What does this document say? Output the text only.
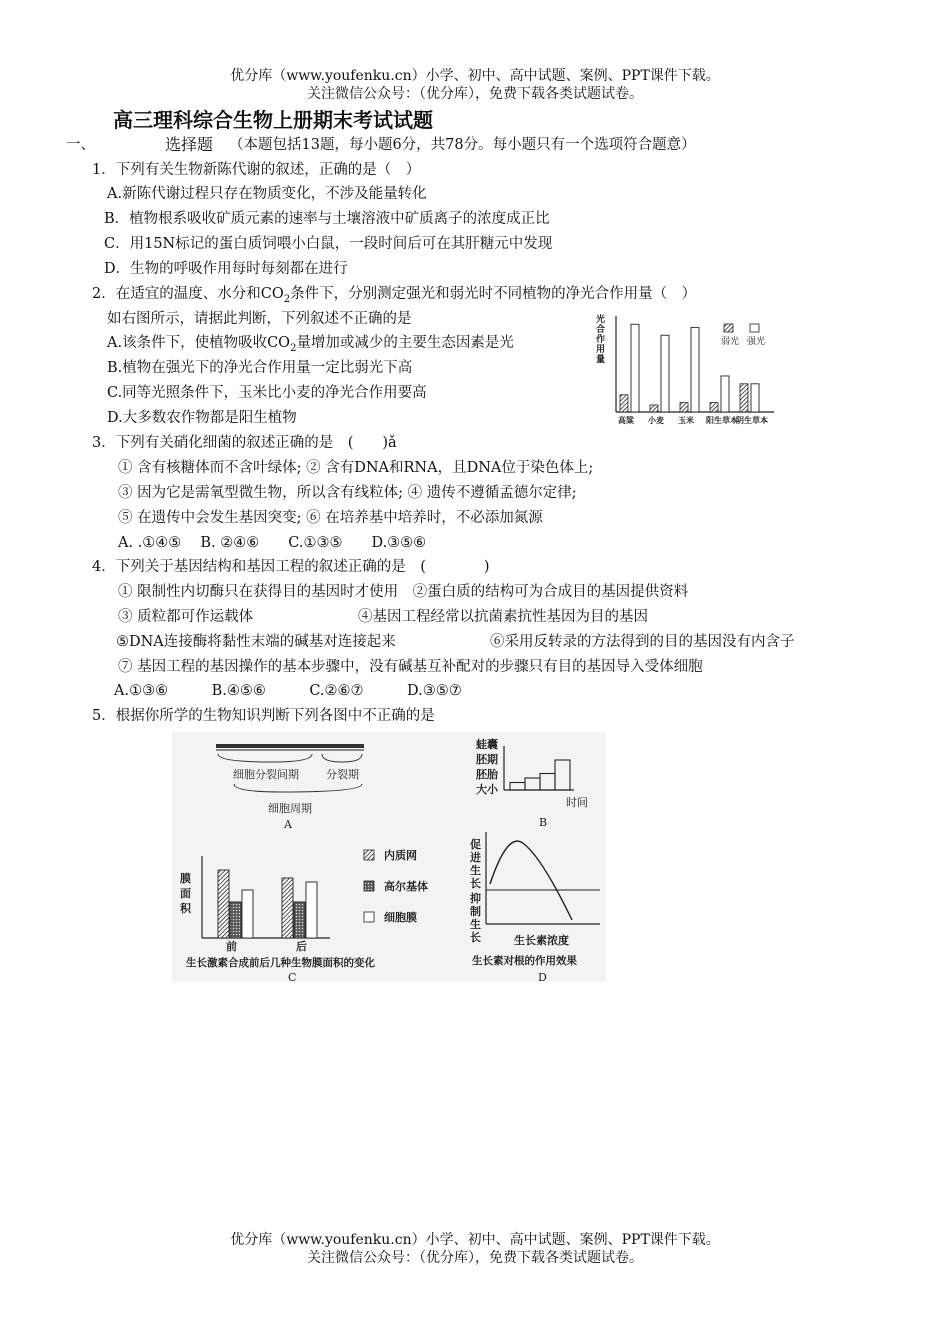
优分库（www.youfenku.cn）小学、初中、高中试题、案例、PPT课件下载。
关注微信公众号：（优分库），免费下载各类试题试卷。
高三理科综合生物上册期末考试试题
一、	选择题 （本题包括13题，每小题6分，共78分。每小题只有一个选项符合题意）
1．下列有关生物新陈代谢的叙述，正确的是（　）
A.新陈代谢过程只存在物质变化，不涉及能量转化
B．植物根系吸收矿质元素的速率与土壤溶液中矿质离子的浓度成正比
C．用15N标记的蛋白质饲喂小白鼠，一段时间后可在其肝糖元中发现
D．生物的呼吸作用每时每刻都在进行
2．在适宜的温度、水分和$CO_2$条件下，分别测定强光和弱光时不同植物的净光合作用量（　）
如右图所示，请据此判断，下列叙述不正确的是
A.该条件下，使植物吸收$CO_2$量增加或减少的主要生态因素是光
B.植物在强光下的净光合作用量一定比弱光下高
C.同等光照条件下，玉米比小麦的净光合作用要高
D.大多数农作物都是阳生植物
光
合
作
用
量
高粱 小麦 玉米 阳生草本
阴生草本
弱光 强光
3．下列有关硝化细菌的叙述正确的是　(　　)ǎ
① 含有核糖体而不含叶绿体; ② 含有DNA和RNA，且DNA位于染色体上;
③ 因为它是需氧型微生物，所以含有线粒体; ④ 遗传不遵循孟德尔定律;
⑤ 在遗传中会发生基因突变; ⑥ 在培养基中培养时，不必添加氮源
A. .①④⑤　 B. ②④⑥　　C.①③⑤　　D.③⑤⑥
4．下列关于基因结构和基因工程的叙述正确的是　(　　　　)
① 限制性内切酶只在获得目的基因时才使用　②蛋白质的结构可为合成目的基因提供资料
③ 质粒都可作运载体	④基因工程经常以抗菌素抗性基因为目的基因
⑤DNA连接酶将黏性末端的碱基对连接起来	⑥采用反转录的方法得到的目的基因没有内含子
⑦ 基因工程的基因操作的基本步骤中，没有碱基互补配对的步骤只有目的基因导入受体细胞
A.①③⑥　　　B.④⑤⑥　　　C.②⑥⑦　　　D.③⑤⑦
5．根据你所学的生物知识判断下列各图中不正确的是
细胞分裂间期 分裂期
细胞周期
A
蛙囊
胚期
胚胎
大小
时间
B
膜
面
积
前	后
内质网
高尔基体
细胞膜
生长激素合成前后几种生物膜面积的变化
C
促
进
生
长
抑
制
生
长	生长素浓度
生长素对根的作用效果
D
优分库（www.youfenku.cn）小学、初中、高中试题、案例、PPT课件下载。
关注微信公众号：（优分库），免费下载各类试题试卷。
